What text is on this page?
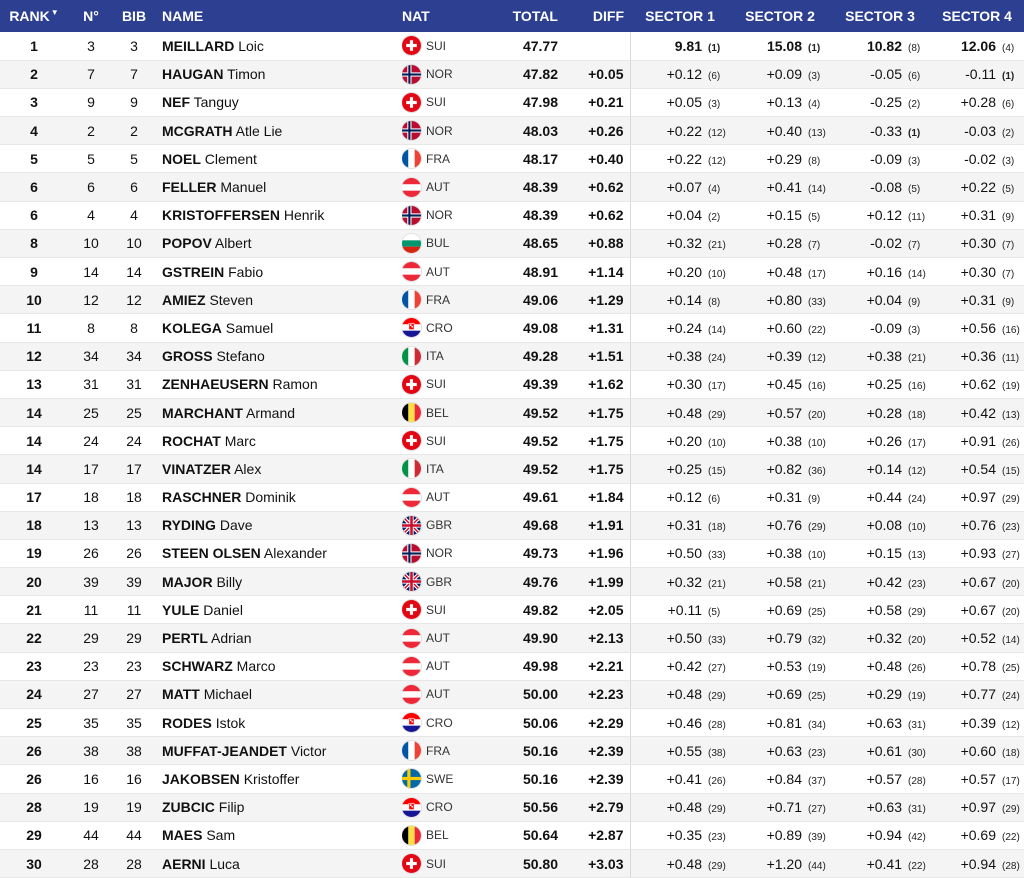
RANK▼	N°	BIB	NAME	NAT	TOTAL	DIFF	SECTOR 1	SECTOR 2	SECTOR 3	SECTOR 4
1	3	3	MEILLARD Loic	SUI	47.77		9.81 (1)	15.08 (1)	10.82 (8)	12.06 (4)
2	7	7	HAUGAN Timon	NOR	47.82	+0.05	+0.12 (6)	+0.09 (3)	-0.05 (6)	-0.11 (1)
3	9	9	NEF Tanguy	SUI	47.98	+0.21	+0.05 (3)	+0.13 (4)	-0.25 (2)	+0.28 (6)
4	2	2	MCGRATH Atle Lie	NOR	48.03	+0.26	+0.22 (12)	+0.40 (13)	-0.33 (1)	-0.03 (2)
5	5	5	NOEL Clement	FRA	48.17	+0.40	+0.22 (12)	+0.29 (8)	-0.09 (3)	-0.02 (3)
6	6	6	FELLER Manuel	AUT	48.39	+0.62	+0.07 (4)	+0.41 (14)	-0.08 (5)	+0.22 (5)
6	4	4	KRISTOFFERSEN Henrik	NOR	48.39	+0.62	+0.04 (2)	+0.15 (5)	+0.12 (11)	+0.31 (9)
8	10	10	POPOV Albert	BUL	48.65	+0.88	+0.32 (21)	+0.28 (7)	-0.02 (7)	+0.30 (7)
9	14	14	GSTREIN Fabio	AUT	48.91	+1.14	+0.20 (10)	+0.48 (17)	+0.16 (14)	+0.30 (7)
10	12	12	AMIEZ Steven	FRA	49.06	+1.29	+0.14 (8)	+0.80 (33)	+0.04 (9)	+0.31 (9)
11	8	8	KOLEGA Samuel	CRO	49.08	+1.31	+0.24 (14)	+0.60 (22)	-0.09 (3)	+0.56 (16)
12	34	34	GROSS Stefano	ITA	49.28	+1.51	+0.38 (24)	+0.39 (12)	+0.38 (21)	+0.36 (11)
13	31	31	ZENHAEUSERN Ramon	SUI	49.39	+1.62	+0.30 (17)	+0.45 (16)	+0.25 (16)	+0.62 (19)
14	25	25	MARCHANT Armand	BEL	49.52	+1.75	+0.48 (29)	+0.57 (20)	+0.28 (18)	+0.42 (13)
14	24	24	ROCHAT Marc	SUI	49.52	+1.75	+0.20 (10)	+0.38 (10)	+0.26 (17)	+0.91 (26)
14	17	17	VINATZER Alex	ITA	49.52	+1.75	+0.25 (15)	+0.82 (36)	+0.14 (12)	+0.54 (15)
17	18	18	RASCHNER Dominik	AUT	49.61	+1.84	+0.12 (6)	+0.31 (9)	+0.44 (24)	+0.97 (29)
18	13	13	RYDING Dave	GBR	49.68	+1.91	+0.31 (18)	+0.76 (29)	+0.08 (10)	+0.76 (23)
19	26	26	STEEN OLSEN Alexander	NOR	49.73	+1.96	+0.50 (33)	+0.38 (10)	+0.15 (13)	+0.93 (27)
20	39	39	MAJOR Billy	GBR	49.76	+1.99	+0.32 (21)	+0.58 (21)	+0.42 (23)	+0.67 (20)
21	11	11	YULE Daniel	SUI	49.82	+2.05	+0.11 (5)	+0.69 (25)	+0.58 (29)	+0.67 (20)
22	29	29	PERTL Adrian	AUT	49.90	+2.13	+0.50 (33)	+0.79 (32)	+0.32 (20)	+0.52 (14)
23	23	23	SCHWARZ Marco	AUT	49.98	+2.21	+0.42 (27)	+0.53 (19)	+0.48 (26)	+0.78 (25)
24	27	27	MATT Michael	AUT	50.00	+2.23	+0.48 (29)	+0.69 (25)	+0.29 (19)	+0.77 (24)
25	35	35	RODES Istok	CRO	50.06	+2.29	+0.46 (28)	+0.81 (34)	+0.63 (31)	+0.39 (12)
26	38	38	MUFFAT-JEANDET Victor	FRA	50.16	+2.39	+0.55 (38)	+0.63 (23)	+0.61 (30)	+0.60 (18)
26	16	16	JAKOBSEN Kristoffer	SWE	50.16	+2.39	+0.41 (26)	+0.84 (37)	+0.57 (28)	+0.57 (17)
28	19	19	ZUBCIC Filip	CRO	50.56	+2.79	+0.48 (29)	+0.71 (27)	+0.63 (31)	+0.97 (29)
29	44	44	MAES Sam	BEL	50.64	+2.87	+0.35 (23)	+0.89 (39)	+0.94 (42)	+0.69 (22)
30	28	28	AERNI Luca	SUI	50.80	+3.03	+0.48 (29)	+1.20 (44)	+0.41 (22)	+0.94 (28)
